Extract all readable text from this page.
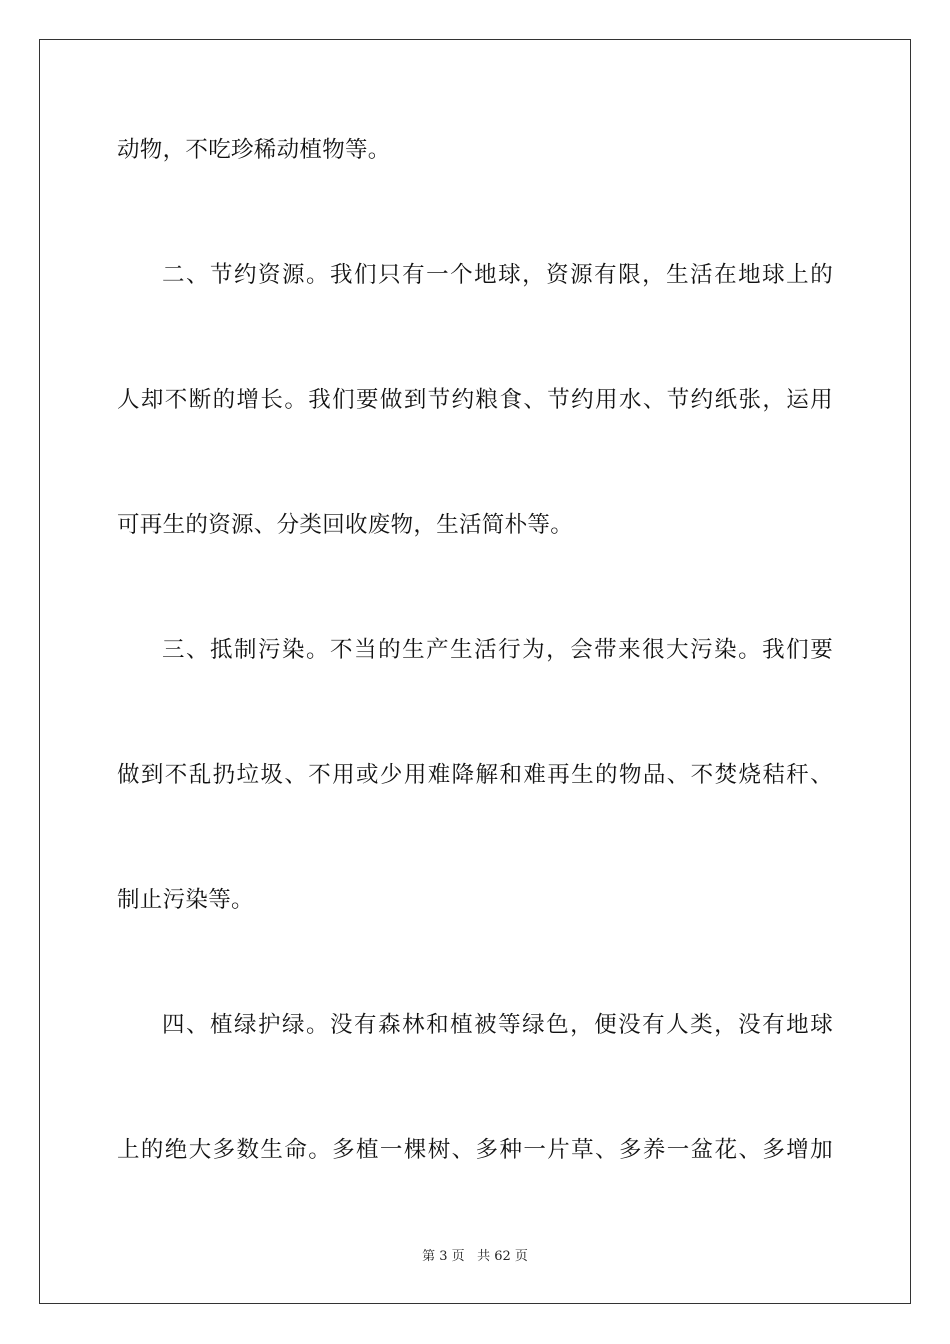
动物，不吃珍稀动植物等。
二、节约资源。我们只有一个地球，资源有限，生活在地球上的
人却不断的增长。我们要做到节约粮食、节约用水、节约纸张，运用
可再生的资源、分类回收废物，生活简朴等。
三、抵制污染。不当的生产生活行为，会带来很大污染。我们要
做到不乱扔垃圾、不用或少用难降解和难再生的物品、不焚烧秸秆、
制止污染等。
四、植绿护绿。没有森林和植被等绿色，便没有人类，没有地球
上的绝大多数生命。多植一棵树、多种一片草、多养一盆花、多增加
第 3 页 共 62 页
